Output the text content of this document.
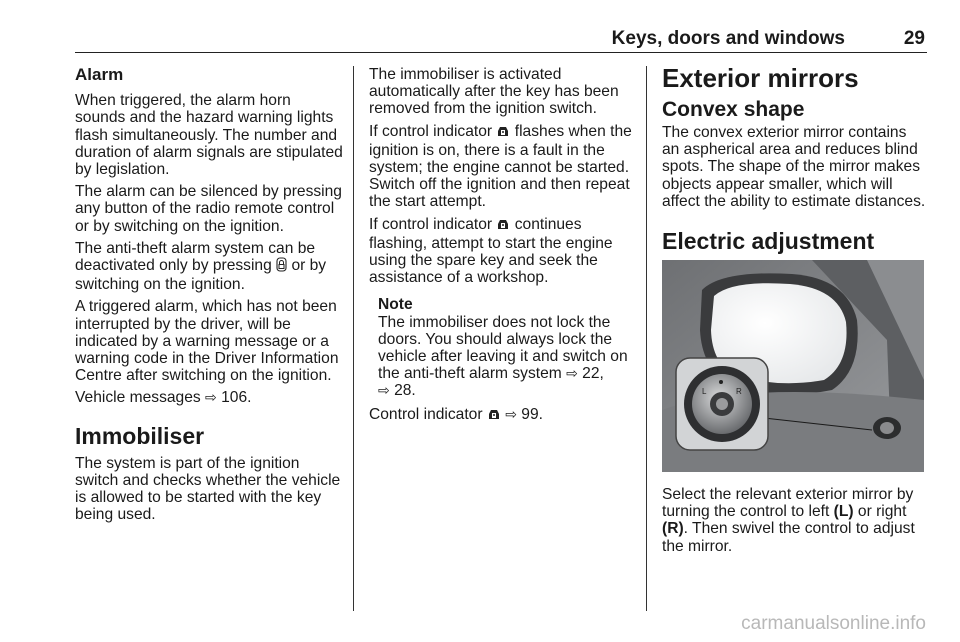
Keys, doors and windows	29
Alarm

When triggered, the alarm horn sounds and the hazard warning lights flash simultaneously. The number and duration of alarm signals are stipulated by legislation.

The alarm can be silenced by pressing any button of the radio remote control or by switching on the ignition.

The anti-theft alarm system can be deactivated only by pressing  or by switching on the ignition.

A triggered alarm, which has not been interrupted by the driver, will be indicated by a warning message or a warning code in the Driver Information Centre after switching on the ignition.

Vehicle messages ⇨ 106.

Immobiliser

The system is part of the ignition switch and checks whether the vehicle is allowed to be started with the key being used.

The immobiliser is activated automatically after the key has been removed from the ignition switch.

If control indicator  flashes when the ignition is on, there is a fault in the system; the engine cannot be started. Switch off the ignition and then repeat the start attempt.

If control indicator  continues flashing, attempt to start the engine using the spare key and seek the assistance of a workshop.

Note
The immobiliser does not lock the doors. You should always lock the vehicle after leaving it and switch on the anti-theft alarm system ⇨ 22,
⇨ 28.

Control indicator  ⇨ 99.

Exterior mirrors
Convex shape

The convex exterior mirror contains an aspherical area and reduces blind spots. The shape of the mirror makes objects appear smaller, which will affect the ability to estimate distances.

Electric adjustment
L	R

Select the relevant exterior mirror by turning the control to left (L) or right (R). Then swivel the control to adjust the mirror.

carmanualsonline.info
